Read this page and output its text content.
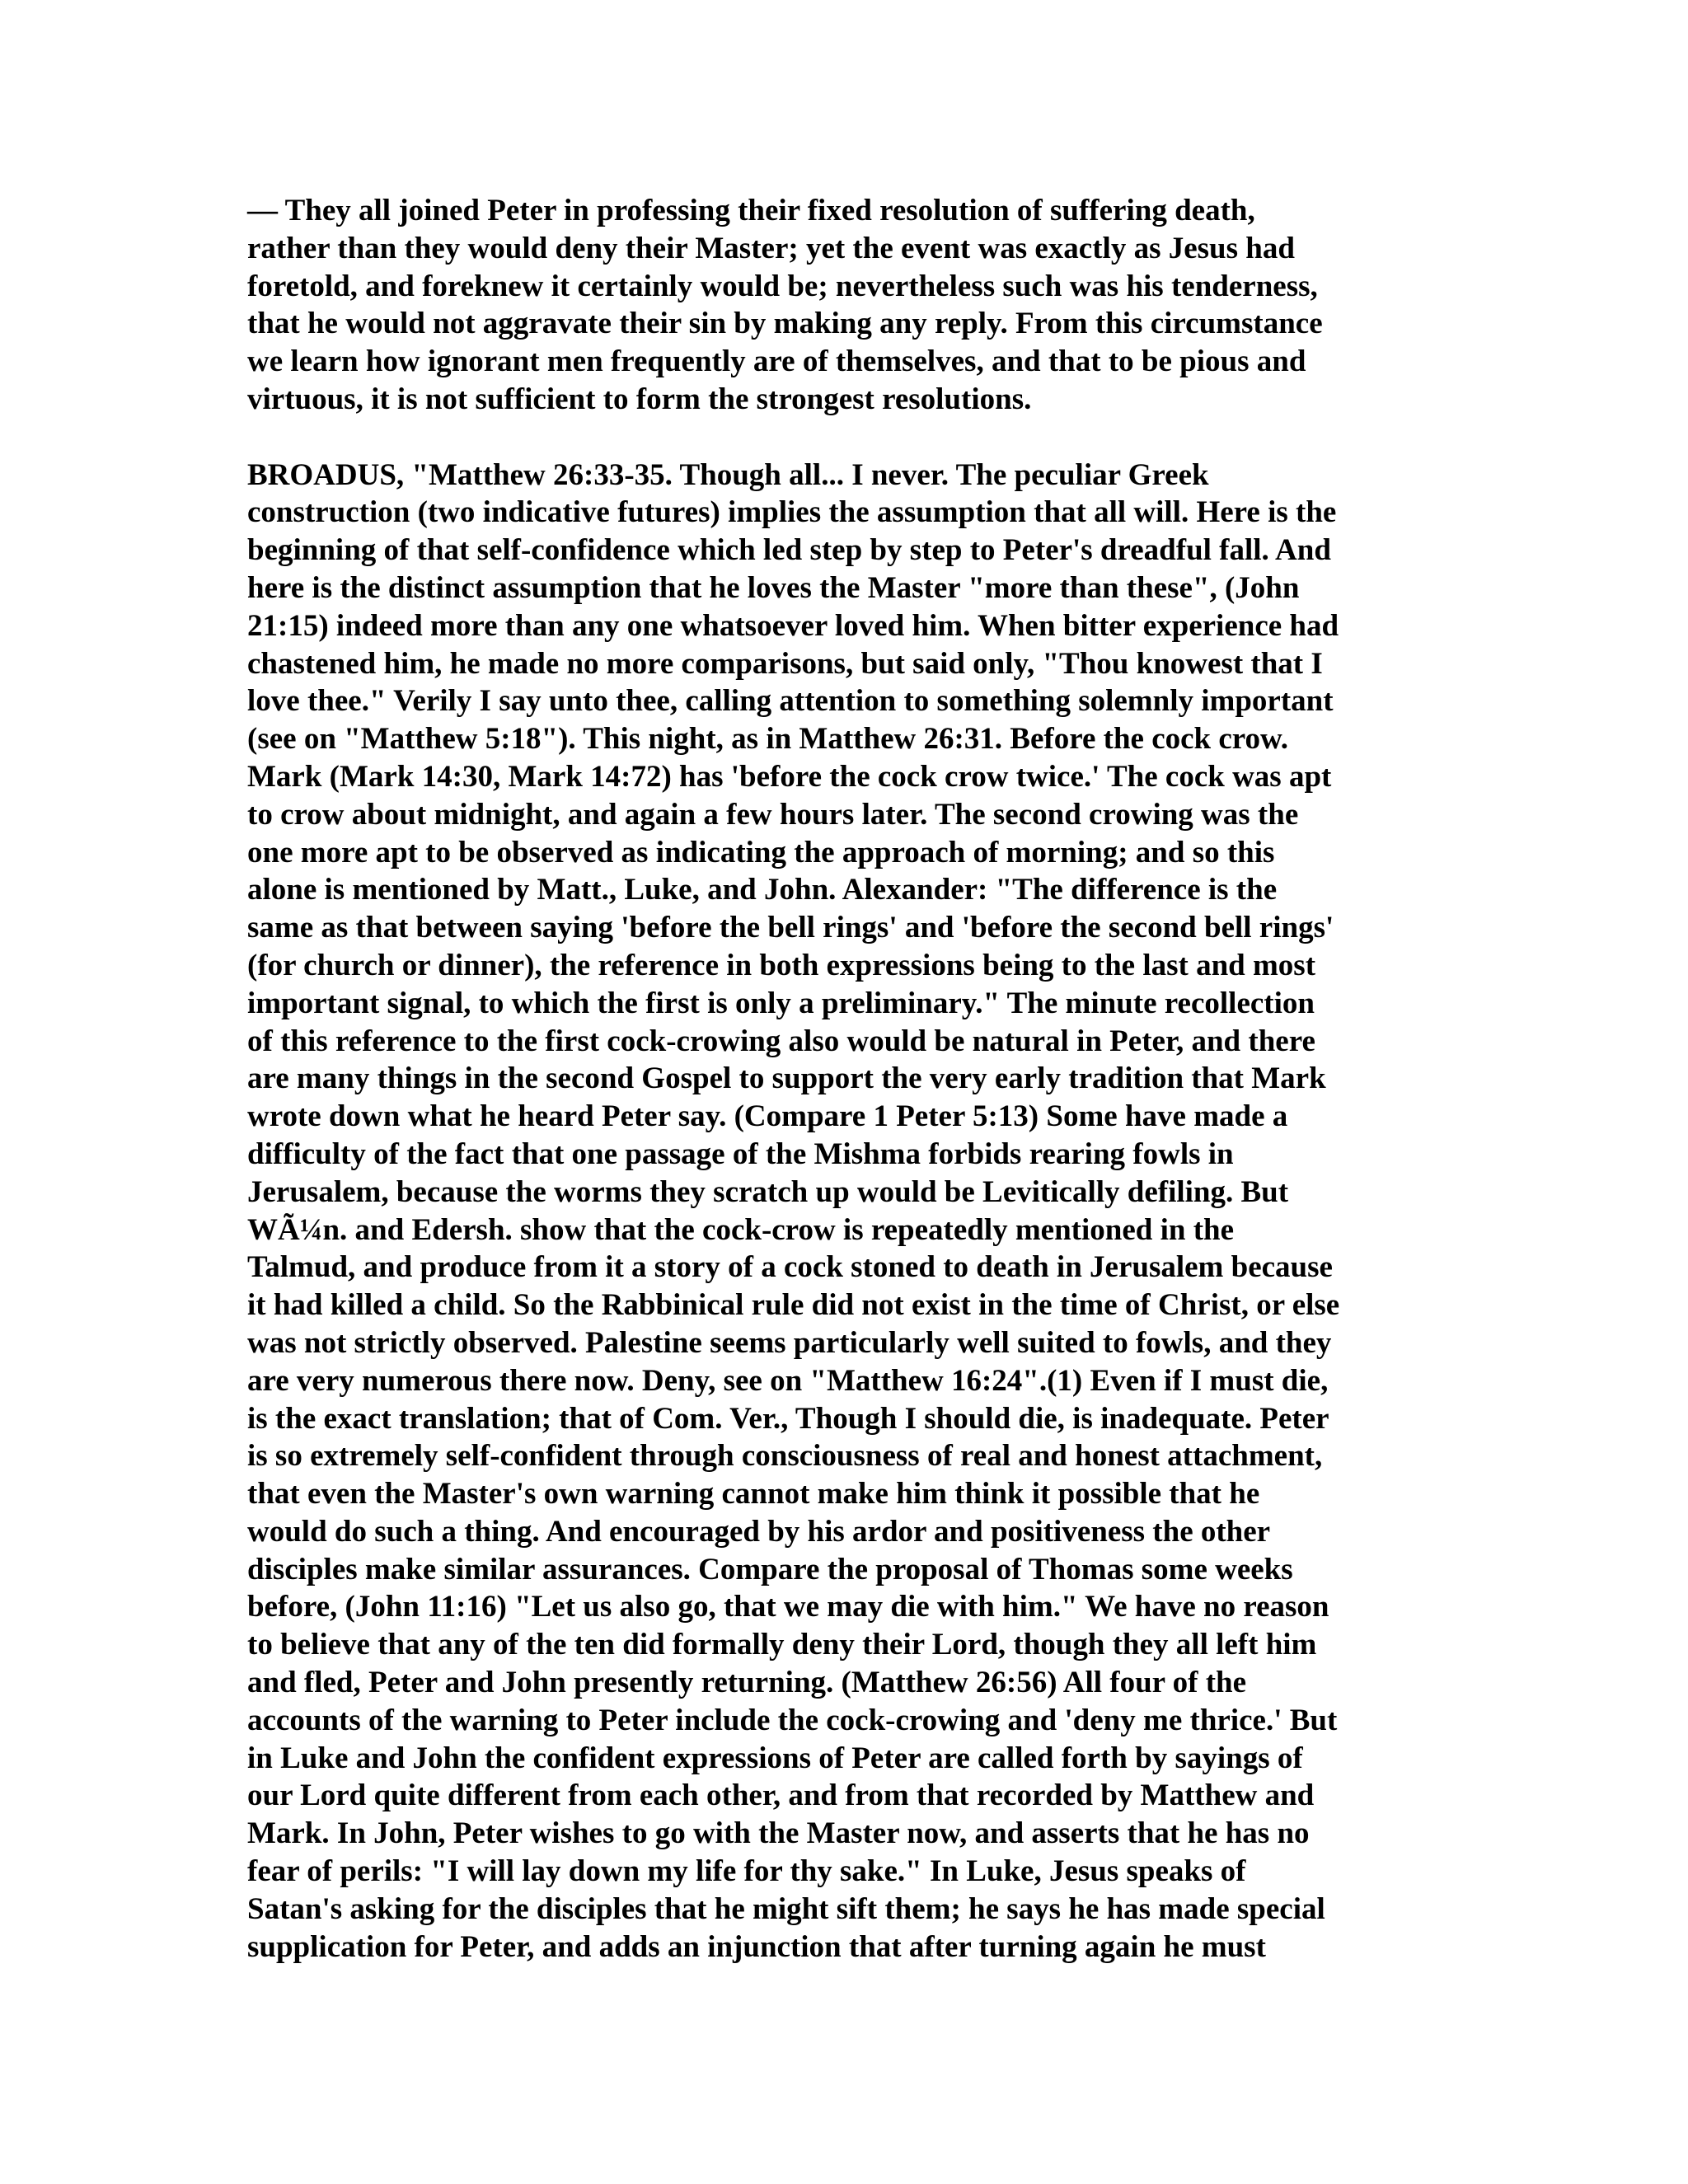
— They all joined Peter in professing their fixed resolution of suffering death,

rather than they would deny their Master; yet the event was exactly as Jesus had

foretold, and foreknew it certainly would be; nevertheless such was his tenderness,

that he would not aggravate their sin by making any reply. From this circumstance

we learn how ignorant men frequently are of themselves, and that to be pious and

virtuous, it is not sufficient to form the strongest resolutions.

BROADUS, "Matthew 26:33-35. Though all... I never. The peculiar Greek

construction (two indicative futures) implies the assumption that all will. Here is the

beginning of that self-confidence which led step by step to Peter's dreadful fall. And

here is the distinct assumption that he loves the Master "more than these", (John

21:15) indeed more than any one whatsoever loved him. When bitter experience had

chastened him, he made no more comparisons, but said only, "Thou knowest that I

love thee." Verily I say unto thee, calling attention to something solemnly important

(see on "Matthew 5:18"). This night, as in Matthew 26:31. Before the cock crow.

Mark (Mark 14:30, Mark 14:72) has 'before the cock crow twice.' The cock was apt

to crow about midnight, and again a few hours later. The second crowing was the

one more apt to be observed as indicating the approach of morning; and so this

alone is mentioned by Matt., Luke, and John. Alexander: "The difference is the

same as that between saying 'before the bell rings' and 'before the second bell rings'

(for church or dinner), the reference in both expressions being to the last and most

important signal, to which the first is only a preliminary." The minute recollection

of this reference to the first cock-crowing also would be natural in Peter, and there

are many things in the second Gospel to support the very early tradition that Mark

wrote down what he heard Peter say. (Compare 1 Peter 5:13) Some have made a

difficulty of the fact that one passage of the Mishma forbids rearing fowls in

Jerusalem, because the worms they scratch up would be Levitically defiling. But

WÃ¼n. and Edersh. show that the cock-crow is repeatedly mentioned in the

Talmud, and produce from it a story of a cock stoned to death in Jerusalem because

it had killed a child. So the Rabbinical rule did not exist in the time of Christ, or else

was not strictly observed. Palestine seems particularly well suited to fowls, and they

are very numerous there now. Deny, see on "Matthew 16:24".(1) Even if I must die,

is the exact translation; that of Com. Ver., Though I should die, is inadequate. Peter

is so extremely self-confident through consciousness of real and honest attachment,

that even the Master's own warning cannot make him think it possible that he

would do such a thing. And encouraged by his ardor and positiveness the other

disciples make similar assurances. Compare the proposal of Thomas some weeks

before, (John 11:16) "Let us also go, that we may die with him." We have no reason

to believe that any of the ten did formally deny their Lord, though they all left him

and fled, Peter and John presently returning. (Matthew 26:56) All four of the

accounts of the warning to Peter include the cock-crowing and 'deny me thrice.' But

in Luke and John the confident expressions of Peter are called forth by sayings of

our Lord quite different from each other, and from that recorded by Matthew and

Mark. In John, Peter wishes to go with the Master now, and asserts that he has no

fear of perils: "I will lay down my life for thy sake." In Luke, Jesus speaks of

Satan's asking for the disciples that he might sift them; he says he has made special

supplication for Peter, and adds an injunction that after turning again he must
